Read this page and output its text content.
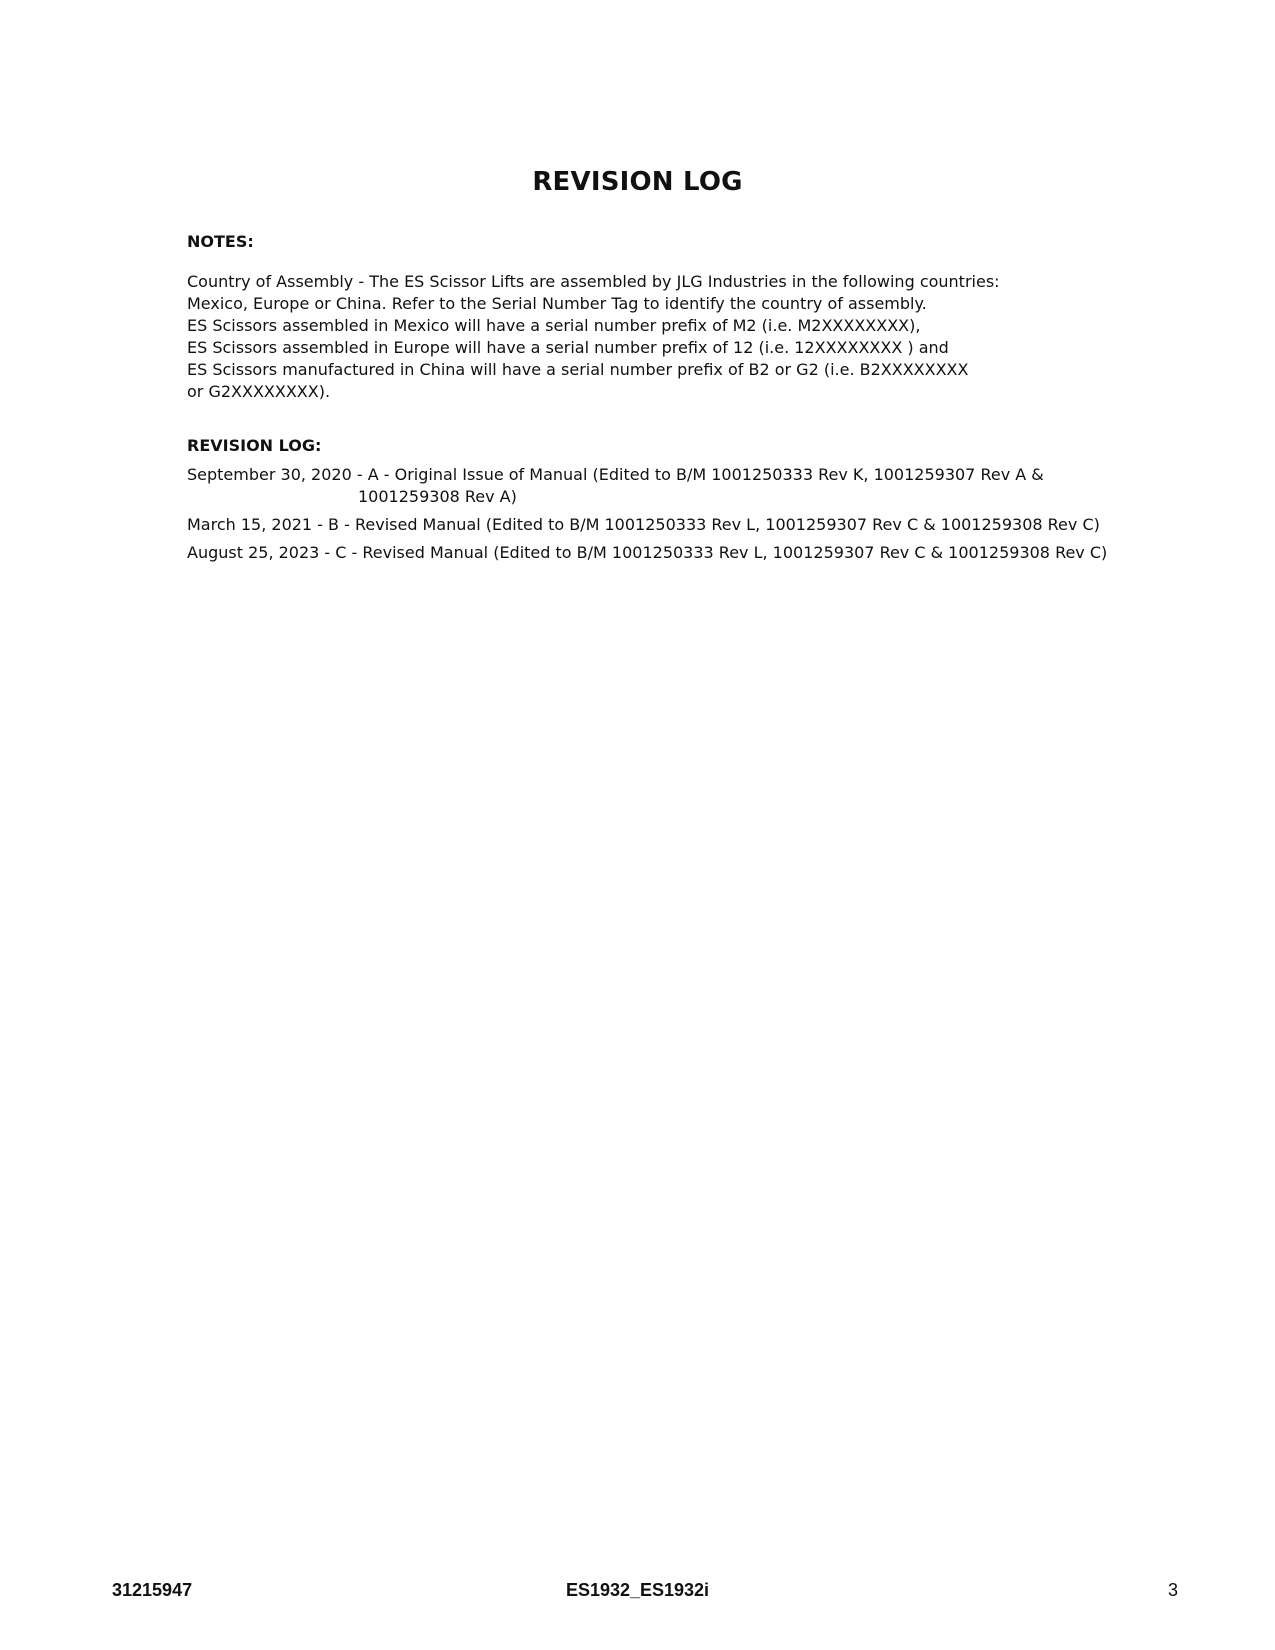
REVISION LOG
NOTES:
Country of Assembly - The ES Scissor Lifts are assembled by JLG Industries in the following countries:
Mexico, Europe or China. Refer to the Serial Number Tag to identify the country of assembly.
ES Scissors assembled in Mexico will have a serial number prefix of M2 (i.e. M2XXXXXXXX),
ES Scissors assembled in Europe will have a serial number prefix of 12 (i.e. 12XXXXXXXX ) and
ES Scissors manufactured in China will have a serial number prefix of B2 or G2 (i.e. B2XXXXXXXX
or G2XXXXXXXX).
REVISION LOG:
September 30, 2020 - A - Original Issue of Manual (Edited to B/M 1001250333 Rev K, 1001259307 Rev A &
1001259308 Rev A)
March 15, 2021 - B - Revised Manual (Edited to B/M 1001250333 Rev L, 1001259307 Rev C & 1001259308 Rev C)
August 25, 2023 - C - Revised Manual (Edited to B/M 1001250333 Rev L, 1001259307 Rev C & 1001259308 Rev C)
31215947	ES1932_ES1932i	3
